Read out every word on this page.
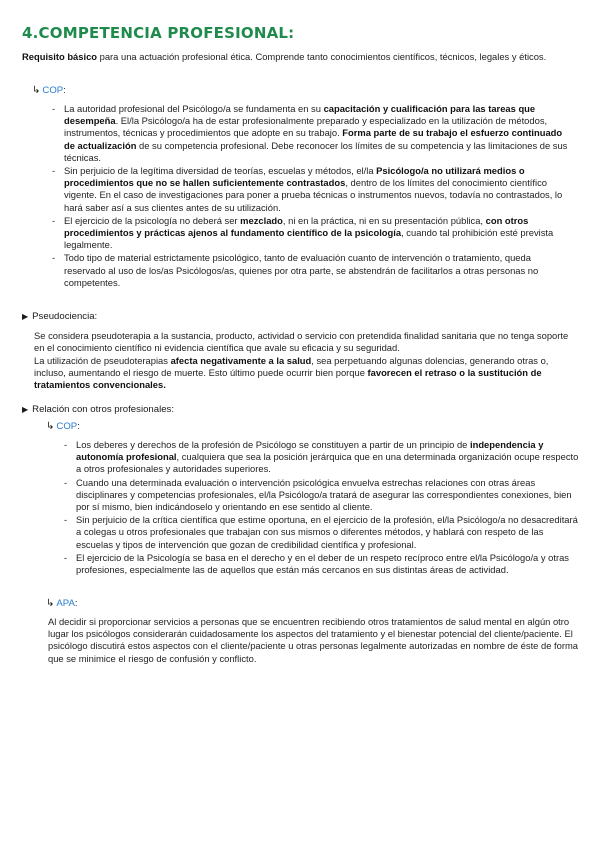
4.COMPETENCIA PROFESIONAL:
Requisito básico para una actuación profesional ética. Comprende tanto conocimientos científicos, técnicos, legales y éticos.
↳ COP:
- La autoridad profesional del Psicólogo/a se fundamenta en su capacitación y cualificación para las tareas que desempeña. El/la Psicólogo/a ha de estar profesionalmente preparado y especializado en la utilización de métodos, instrumentos, técnicas y procedimientos que adopte en su trabajo. Forma parte de su trabajo el esfuerzo continuado de actualización de su competencia profesional. Debe reconocer los límites de su competencia y las limitaciones de sus técnicas.
- Sin perjuicio de la legítima diversidad de teorías, escuelas y métodos, el/la Psicólogo/a no utilizará medios o procedimientos que no se hallen suficientemente contrastados, dentro de los límites del conocimiento científico vigente. En el caso de investigaciones para poner a prueba técnicas o instrumentos nuevos, todavía no contrastados, lo hará saber así a sus clientes antes de su utilización.
- El ejercicio de la psicología no deberá ser mezclado, ni en la práctica, ni en su presentación pública, con otros procedimientos y prácticas ajenos al fundamento científico de la psicología, cuando tal prohibición esté prevista legalmente.
- Todo tipo de material estrictamente psicológico, tanto de evaluación cuanto de intervención o tratamiento, queda reservado al uso de los/as Psicólogos/as, quienes por otra parte, se abstendrán de facilitarlos a otras personas no competentes.
▶ Pseudociencia:
Se considera pseudoterapia a la sustancia, producto, actividad o servicio con pretendida finalidad sanitaria que no tenga soporte en el conocimiento científico ni evidencia científica que avale su eficacia y su seguridad.
La utilización de pseudoterapias afecta negativamente a la salud, sea perpetuando algunas dolencias, generando otras o, incluso, aumentando el riesgo de muerte. Esto último puede ocurrir bien porque favorecen el retraso o la sustitución de tratamientos convencionales.
▶ Relación con otros profesionales:
↳ COP:
- Los deberes y derechos de la profesión de Psicólogo se constituyen a partir de un principio de independencia y autonomía profesional, cualquiera que sea la posición jerárquica que en una determinada organización ocupe respecto a otros profesionales y autoridades superiores.
- Cuando una determinada evaluación o intervención psicológica envuelva estrechas relaciones con otras áreas disciplinares y competencias profesionales, el/la Psicólogo/a tratará de asegurar las correspondientes conexiones, bien por sí mismo, bien indicándoselo y orientando en ese sentido al cliente.
- Sin perjuicio de la crítica científica que estime oportuna, en el ejercicio de la profesión, el/la Psicólogo/a no desacreditará a colegas u otros profesionales que trabajan con sus mismos o diferentes métodos, y hablará con respeto de las escuelas y tipos de intervención que gozan de credibilidad científica y profesional.
- El ejercicio de la Psicología se basa en el derecho y en el deber de un respeto recíproco entre el/la Psicólogo/a y otras profesiones, especialmente las de aquellos que están más cercanos en sus distintas áreas de actividad.
↳ APA:
Al decidir si proporcionar servicios a personas que se encuentren recibiendo otros tratamientos de salud mental en algún otro lugar los psicólogos considerarán cuidadosamente los aspectos del tratamiento y el bienestar potencial del cliente/paciente. El psicólogo discutirá estos aspectos con el cliente/paciente u otras personas legalmente autorizadas en nombre de éste de forma que se minimice el riesgo de confusión y conflicto.
